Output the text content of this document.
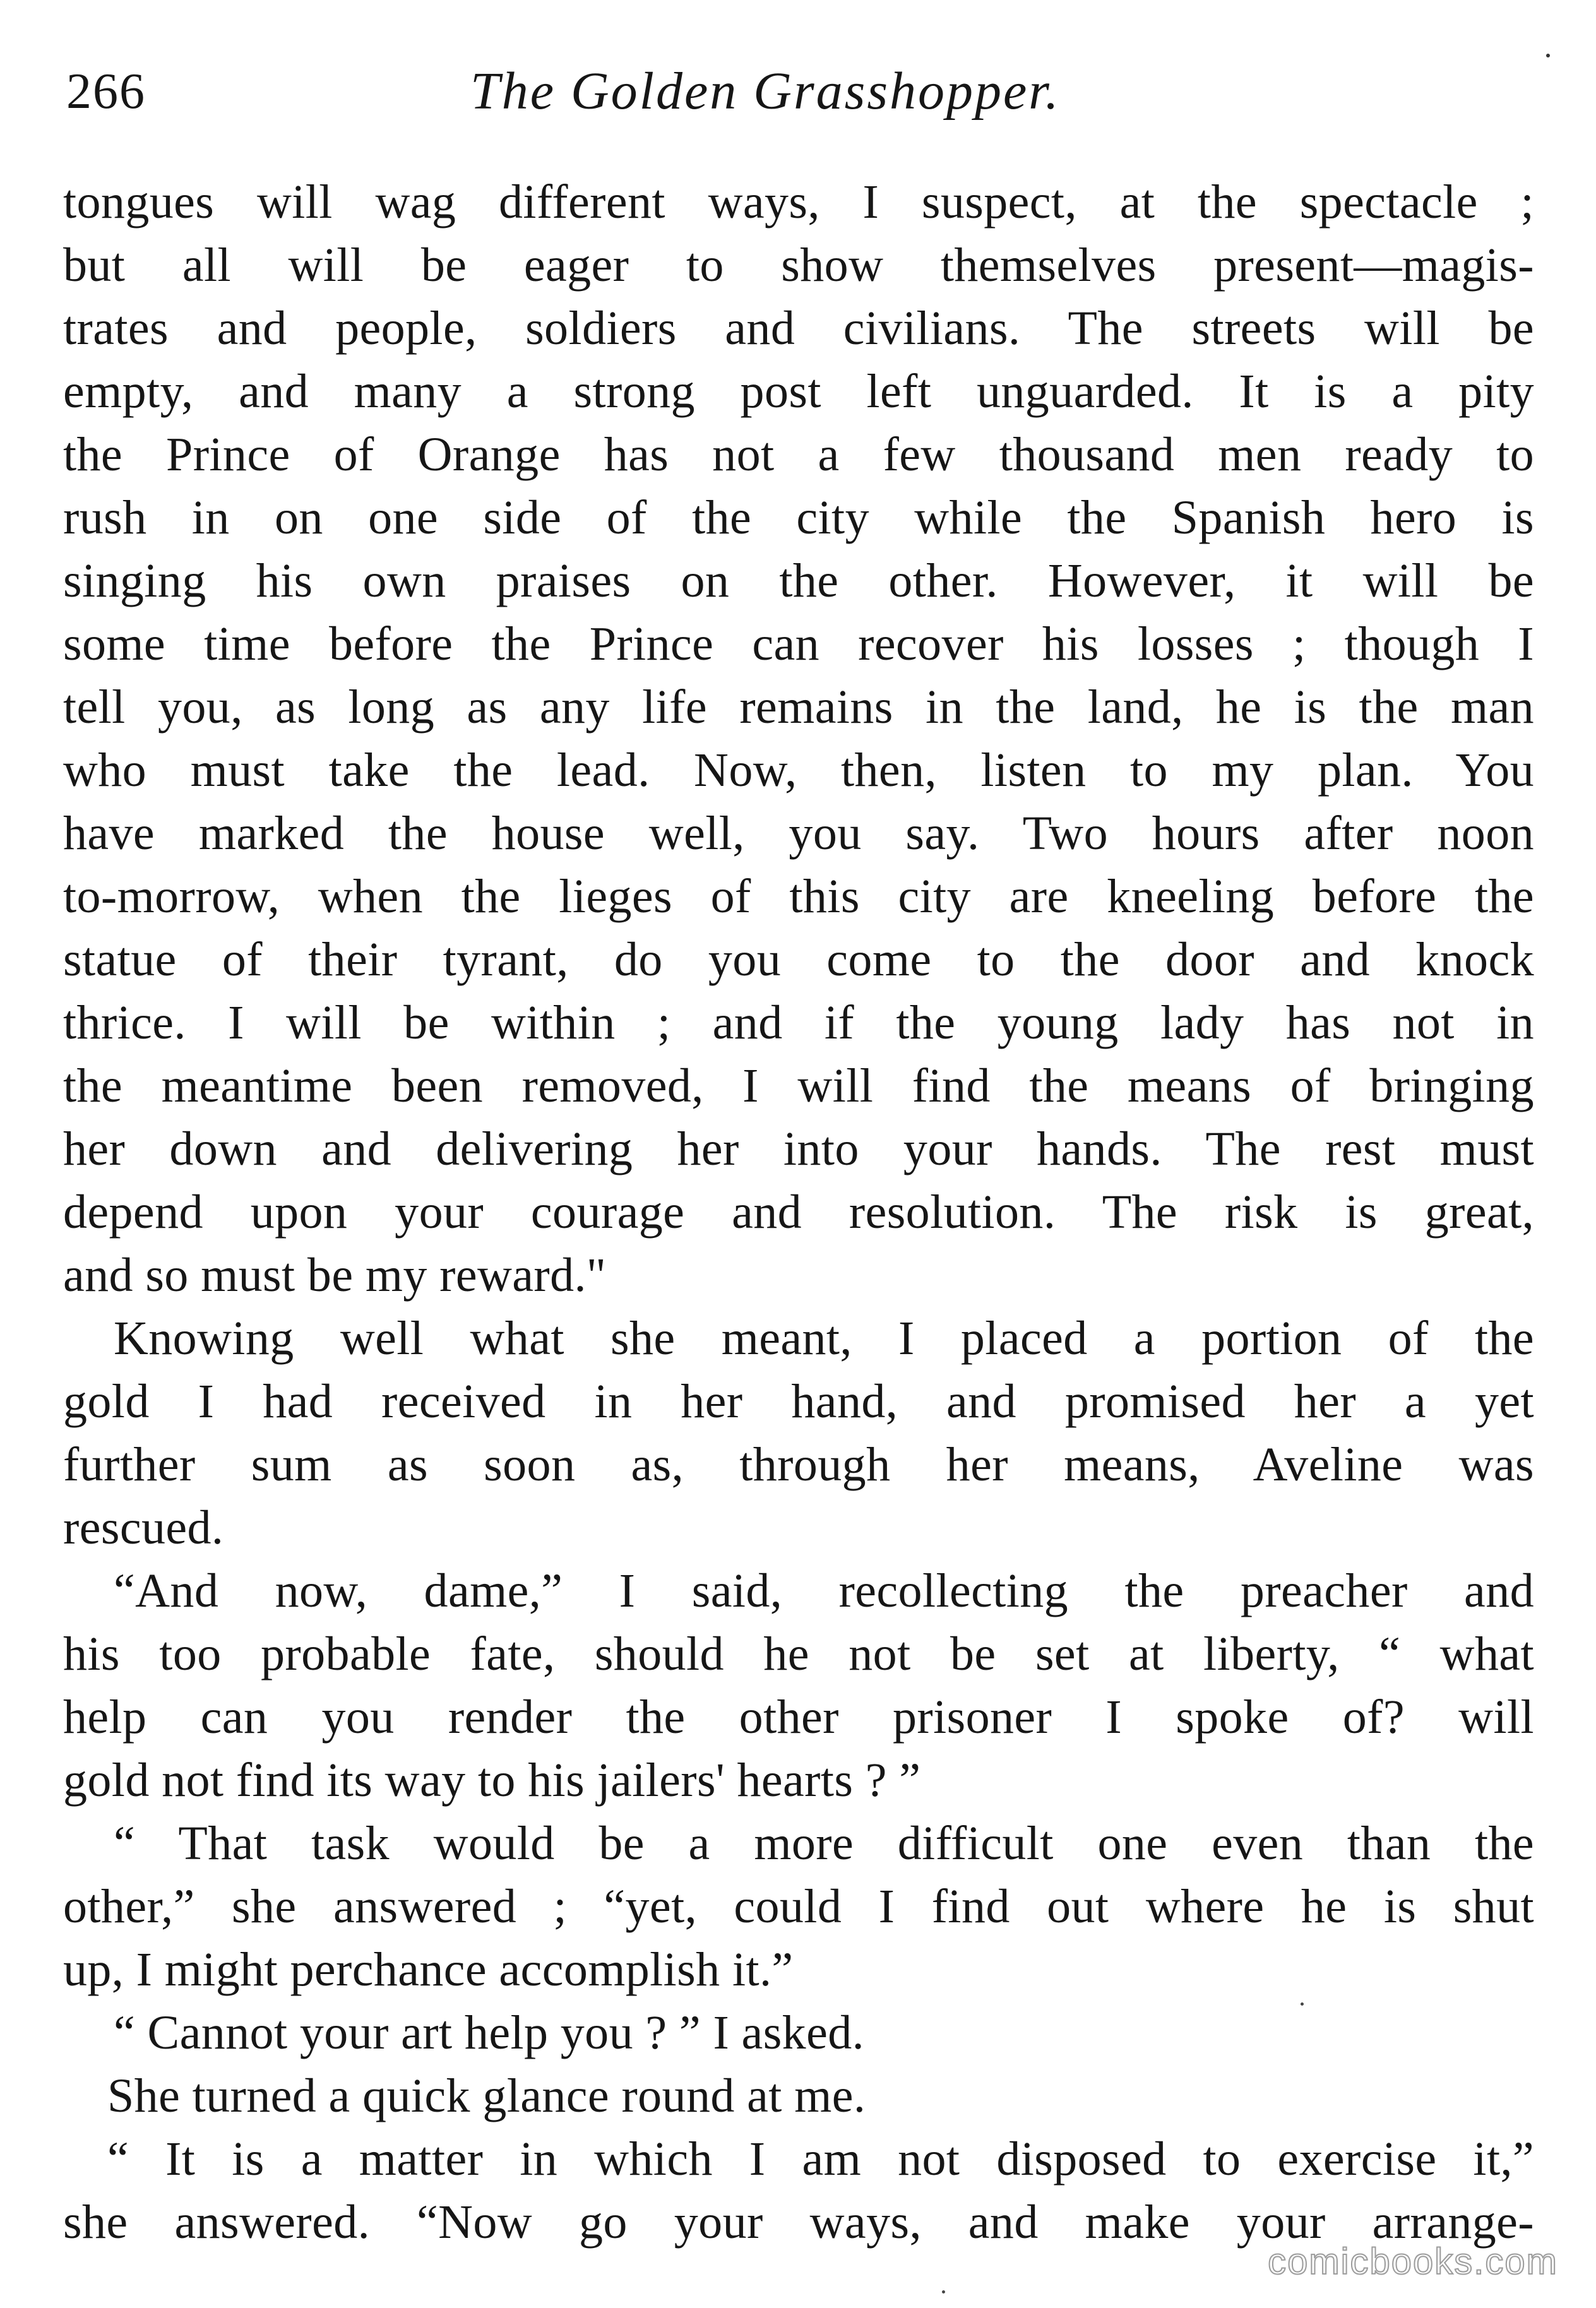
266	The Golden Grasshopper.
tongues will wag different ways, I suspect, at the spectacle ;
but all will be eager to show themselves present—magis-
trates and people, soldiers and civilians. The streets will be
empty, and many a strong post left unguarded. It is a pity
the Prince of Orange has not a few thousand men ready to
rush in on one side of the city while the Spanish hero is
singing his own praises on the other. However, it will be
some time before the Prince can recover his losses ; though I
tell you, as long as any life remains in the land, he is the man
who must take the lead. Now, then, listen to my plan. You
have marked the house well, you say. Two hours after noon
to-morrow, when the lieges of this city are kneeling before the
statue of their tyrant, do you come to the door and knock
thrice. I will be within ; and if the young lady has not in
the meantime been removed, I will find the means of bringing
her down and delivering her into your hands. The rest must
depend upon your courage and resolution. The risk is great,
and so must be my reward."
Knowing well what she meant, I placed a portion of the
gold I had received in her hand, and promised her a yet
further sum as soon as, through her means, Aveline was
rescued.
“And now, dame,” I said, recollecting the preacher and
his too probable fate, should he not be set at liberty, “ what
help can you render the other prisoner I spoke of? will
gold not find its way to his jailers' hearts ? ”
“ That task would be a more difficult one even than the
other,” she answered ; “yet, could I find out where he is shut
up, I might perchance accomplish it.”
“ Cannot your art help you ? ” I asked.
She turned a quick glance round at me.
“ It is a matter in which I am not disposed to exercise it,”
she answered. “Now go your ways, and make your arrange-
comicbooks.com
